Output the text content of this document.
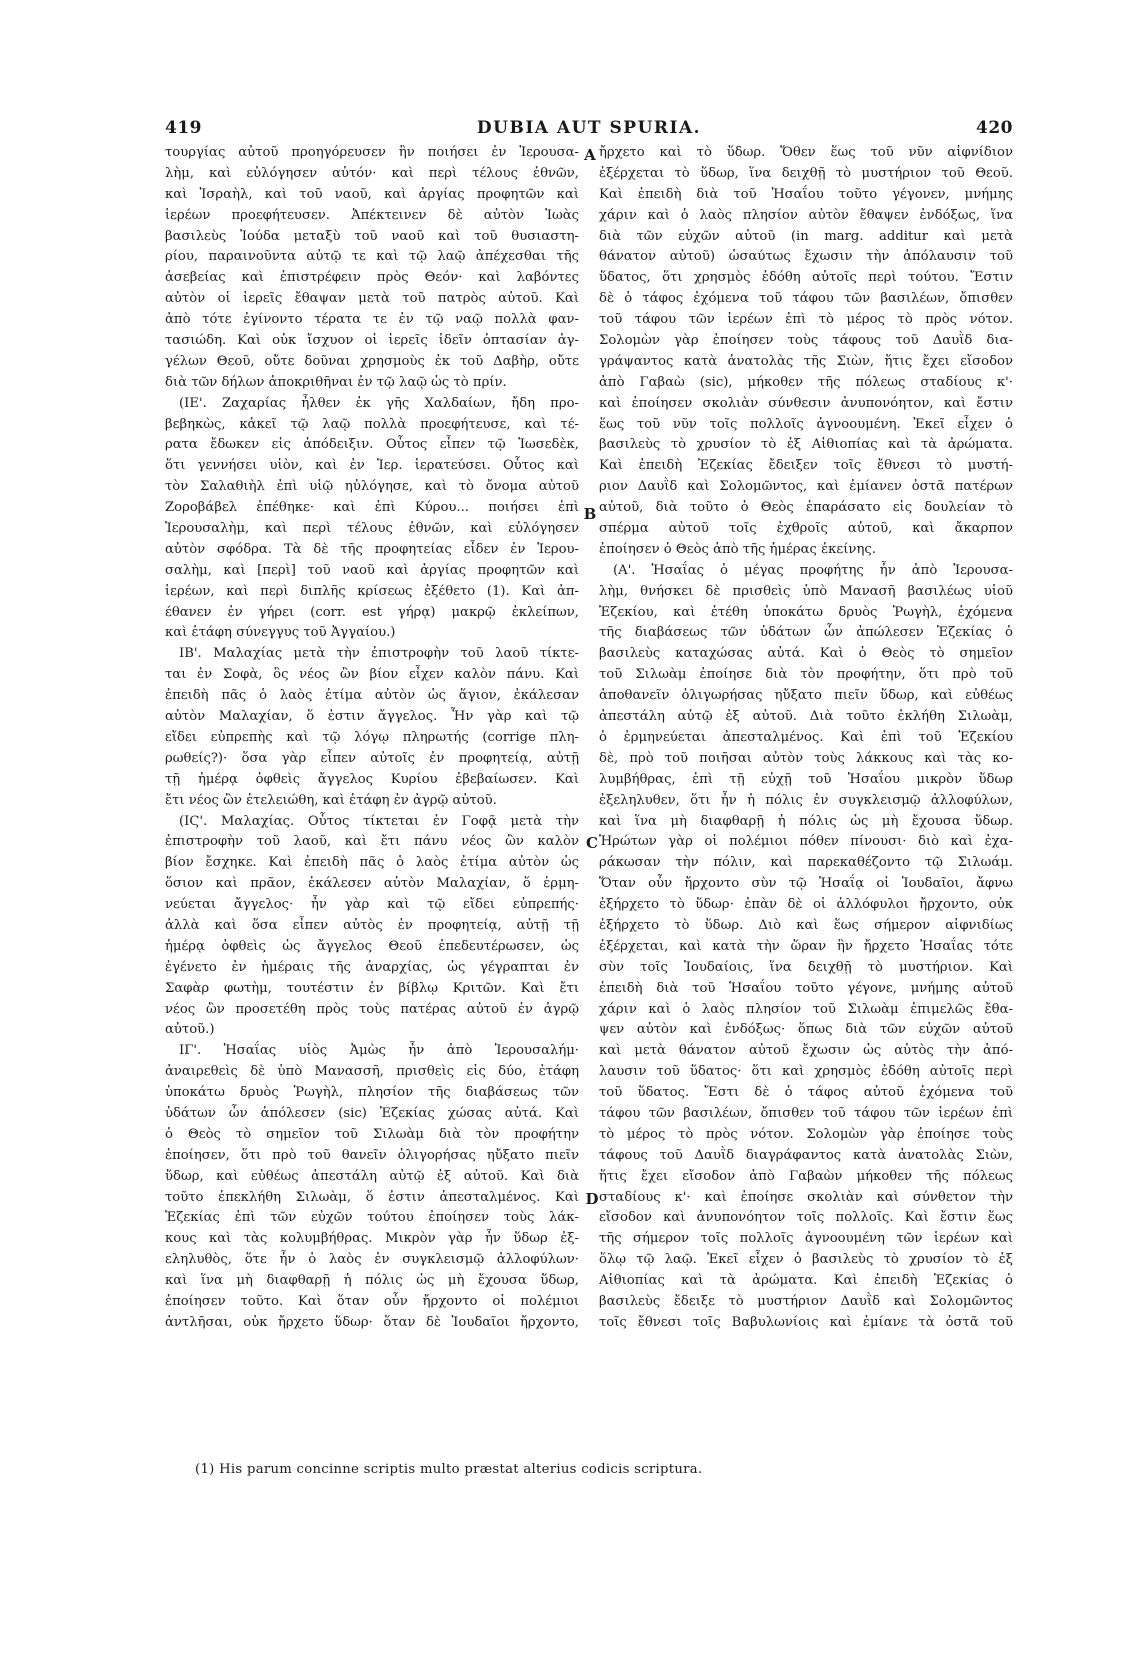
419	DUBIA AUT SPURIA.	420
τουργίας αὐτοῦ προηγόρευσεν ἣν ποιήσει ἐν Ἱερουσα-
λὴμ, καὶ εὐλόγησεν αὐτόν· καὶ περὶ τέλους ἐθνῶν,
καὶ Ἰσραὴλ, καὶ τοῦ ναοῦ, καὶ ἀργίας προφητῶν καὶ
ἱερέων προεφήτευσεν. Ἀπέκτεινεν δὲ αὐτὸν Ἰωὰς
βασιλεὺς Ἰούδα μεταξὺ τοῦ ναοῦ καὶ τοῦ θυσιαστη-
ρίου, παραινοῦντα αὐτῷ τε καὶ τῷ λαῷ ἀπέχεσθαι τῆς
ἀσεβείας καὶ ἐπιστρέφειν πρὸς Θεόν· καὶ λαβόντες
αὐτὸν οἱ ἱερεῖς ἔθαψαν μετὰ τοῦ πατρὸς αὐτοῦ. Καὶ
ἀπὸ τότε ἐγίνοντο τέρατα τε ἐν τῷ ναῷ πολλὰ φαν-
τασιώδη. Καὶ οὐκ ἴσχυον οἱ ἱερεῖς ἰδεῖν ὀπτασίαν ἀγ-
γέλων Θεοῦ, οὔτε δοῦναι χρησμοὺς ἐκ τοῦ Δαβὴρ, οὔτε
διὰ τῶν δήλων ἀποκριθῆναι ἐν τῷ λαῷ ὡς τὸ πρίν.
(ΙΕ'. Ζαχαρίας ἦλθεν ἐκ γῆς Χαλδαίων, ἤδη προ-
βεβηκὼς, κἀκεῖ τῷ λαῷ πολλὰ προεφήτευσε, καὶ τέ-
ρατα ἔδωκεν εἰς ἀπόδειξιν. Οὗτος εἶπεν τῷ Ἰωσεδὲκ,
ὅτι γεννήσει υἱὸν, καὶ ἐν Ἱερ. ἱερατεύσει. Οὗτος καὶ
τὸν Σαλαθιὴλ ἐπὶ υἱῷ ηὐλόγησε, καὶ τὸ ὄνομα αὐτοῦ
Ζοροβάβελ ἐπέθηκε· καὶ ἐπὶ Κύρου... ποιήσει ἐπὶ
Ἱερουσαλὴμ, καὶ περὶ τέλους ἐθνῶν, καὶ εὐλόγησεν
αὐτὸν σφόδρα. Τὰ δὲ τῆς προφητείας εἶδεν ἐν Ἱερου-
σαλὴμ, καὶ [περὶ] τοῦ ναοῦ καὶ ἀργίας προφητῶν καὶ
ἱερέων, καὶ περὶ διπλῆς κρίσεως ἐξέθετο (1). Καὶ ἀπ-
έθανεν ἐν γήρει (corr. est γήρᾳ) μακρῷ ἐκλείπων,
καὶ ἐτάφη σύνεγγυς τοῦ Ἀγγαίου.)
ΙΒ'. Μαλαχίας μετὰ τὴν ἐπιστροφὴν τοῦ λαοῦ τίκτε-
ται ἐν Σοφὰ, ὃς νέος ὢν βίον εἶχεν καλὸν πάνυ. Καὶ
ἐπειδὴ πᾶς ὁ λαὸς ἐτίμα αὐτὸν ὡς ἅγιον, ἐκάλεσαν
αὐτὸν Μαλαχίαν, ὅ ἐστιν ἄγγελος. Ἦν γὰρ καὶ τῷ
εἴδει εὐπρεπὴς καὶ τῷ λόγῳ πληρωτής (corrige πλη-
ρωθείς?)· ὅσα γὰρ εἶπεν αὐτοῖς ἐν προφητείᾳ, αὐτῇ
τῇ ἡμέρᾳ ὀφθεὶς ἄγγελος Κυρίου ἐβεβαίωσεν. Καὶ
ἔτι νέος ὢν ἐτελειώθη, καὶ ἐτάφη ἐν ἀγρῷ αὐτοῦ.
(ΙϚ'. Μαλαχίας. Οὗτος τίκτεται ἐν Γοφᾷ μετὰ τὴν
ἐπιστροφὴν τοῦ λαοῦ, καὶ ἔτι πάνυ νέος ὢν καλὸν
βίον ἔσχηκε. Καὶ ἐπειδὴ πᾶς ὁ λαὸς ἐτίμα αὐτὸν ὡς
ὅσιον καὶ πρᾶον, ἐκάλεσεν αὐτὸν Μαλαχίαν, ὅ ἑρμη-
νεύεται ἄγγελος· ἦν γὰρ καὶ τῷ εἴδει εὐπρεπής·
ἀλλὰ καὶ ὅσα εἶπεν αὐτὸς ἐν προφητείᾳ, αὐτῇ τῇ
ἡμέρᾳ ὀφθεὶς ὡς ἄγγελος Θεοῦ ἐπεδευτέρωσεν, ὡς
ἐγένετο ἐν ἡμέραις τῆς ἀναρχίας, ὡς γέγραπται ἐν
Σαφὰρ φωτὴμ, τουτέστιν ἐν βίβλῳ Κριτῶν. Καὶ ἔτι
νέος ὢν προσετέθη πρὸς τοὺς πατέρας αὐτοῦ ἐν ἀγρῷ
αὐτοῦ.)
ΙΓ'. Ἡσαΐας υἱὸς Ἀμὼς ἦν ἀπὸ Ἱερουσαλήμ·
ἀναιρεθεὶς δὲ ὑπὸ Μανασσῆ, πρισθεὶς εἰς δύο, ἐτάφη
ὑποκάτω δρυὸς Ῥωγὴλ, πλησίον τῆς διαβάσεως τῶν
ὑδάτων ὧν ἀπόλεσεν (sic) Ἐζεκίας χώσας αὐτά. Καὶ
ὁ Θεὸς τὸ σημεῖον τοῦ Σιλωὰμ διὰ τὸν προφήτην
ἐποίησεν, ὅτι πρὸ τοῦ θανεῖν ὀλιγορήσας ηὔξατο πιεῖν
ὕδωρ, καὶ εὐθέως ἀπεστάλη αὐτῷ ἐξ αὐτοῦ. Καὶ διὰ
τοῦτο ἐπεκλήθη Σιλωὰμ, ὅ ἐστιν ἀπεσταλμένος. Καὶ
Ἐζεκίας ἐπὶ τῶν εὐχῶν τούτου ἐποίησεν τοὺς λάκ-
κους καὶ τὰς κολυμβήθρας. Μικρὸν γὰρ ἦν ὕδωρ ἐξ-
εληλυθὸς, ὅτε ἦν ὁ λαὸς ἐν συγκλεισμῷ ἀλλοφύλων·
καὶ ἵνα μὴ διαφθαρῇ ἡ πόλις ὡς μὴ ἔχουσα ὕδωρ,
ἐποίησεν τοῦτο. Καὶ ὅταν οὖν ἤρχοντο οἱ πολέμιοι
ἀντλῆσαι, οὐκ ἤρχετο ὕδωρ· ὅταν δὲ Ἰουδαῖοι ἤρχοντο,
ἤρχετο καὶ τὸ ὕδωρ. Ὅθεν ἕως τοῦ νῦν αἰφνίδιον
ἐξέρχεται τὸ ὕδωρ, ἵνα δειχθῇ τὸ μυστήριον τοῦ Θεοῦ.
Καὶ ἐπειδὴ διὰ τοῦ Ἡσαΐου τοῦτο γέγονεν, μνήμης
χάριν καὶ ὁ λαὸς πλησίον αὐτὸν ἔθαψεν ἐνδόξως, ἵνα
διὰ τῶν εὐχῶν αὐτοῦ (in marg. additur καὶ μετὰ
θάνατον αὐτοῦ) ὡσαύτως ἔχωσιν τὴν ἀπόλαυσιν τοῦ
ὕδατος, ὅτι χρησμὸς ἐδόθη αὐτοῖς περὶ τούτου. Ἔστιν
δὲ ὁ τάφος ἐχόμενα τοῦ τάφου τῶν βασιλέων, ὄπισθεν
τοῦ τάφου τῶν ἱερέων ἐπὶ τὸ μέρος τὸ πρὸς νότον.
Σολομὼν γὰρ ἐποίησεν τοὺς τάφους τοῦ Δαυῒδ δια-
γράψαντος κατὰ ἀνατολὰς τῆς Σιὼν, ἥτις ἔχει εἴσοδον
ἀπὸ Γαβαὼ (sic), μήκοθεν τῆς πόλεως σταδίους κ'·
καὶ ἐποίησεν σκολιὰν σύνθεσιν ἀνυπονόητον, καὶ ἔστιν
ἕως τοῦ νῦν τοῖς πολλοῖς ἀγνοουμένη. Ἐκεῖ εἶχεν ὁ
βασιλεὺς τὸ χρυσίον τὸ ἐξ Αἰθιοπίας καὶ τὰ ἀρώματα.
Καὶ ἐπειδὴ Ἐζεκίας ἔδειξεν τοῖς ἔθνεσι τὸ μυστή-
ριον Δαυῒδ καὶ Σολομῶντος, καὶ ἐμίανεν ὀστᾶ πατέρων
αὐτοῦ, διὰ τοῦτο ὁ Θεὸς ἐπαράσατο εἰς δουλείαν τὸ
σπέρμα αὐτοῦ τοῖς ἐχθροῖς αὐτοῦ, καὶ ἄκαρπον
ἐποίησεν ὁ Θεὸς ἀπὸ τῆς ἡμέρας ἐκείνης.
(Α'. Ἡσαΐας ὁ μέγας προφήτης ἦν ἀπὸ Ἱερουσα-
λὴμ, θνήσκει δὲ πρισθεὶς ὑπὸ Μανασῆ βασιλέως υἱοῦ
Ἐζεκίου, καὶ ἐτέθη ὑποκάτω δρυὸς Ῥωγὴλ, ἐχόμενα
τῆς διαβάσεως τῶν ὑδάτων ὧν ἀπώλεσεν Ἐζεκίας ὁ
βασιλεὺς καταχώσας αὐτά. Καὶ ὁ Θεὸς τὸ σημεῖον
τοῦ Σιλωὰμ ἐποίησε διὰ τὸν προφήτην, ὅτι πρὸ τοῦ
ἀποθανεῖν ὀλιγωρήσας ηὔξατο πιεῖν ὕδωρ, καὶ εὐθέως
ἀπεστάλη αὐτῷ ἐξ αὐτοῦ. Διὰ τοῦτο ἐκλήθη Σιλωὰμ,
ὁ ἑρμηνεύεται ἀπεσταλμένος. Καὶ ἐπὶ τοῦ Ἐζεκίου
δὲ, πρὸ τοῦ ποιῆσαι αὐτὸν τοὺς λάκκους καὶ τὰς κο-
λυμβήθρας, ἐπὶ τῇ εὐχῇ τοῦ Ἡσαΐου μικρὸν ὕδωρ
ἐξεληλυθεν, ὅτι ἦν ἡ πόλις ἐν συγκλεισμῷ ἀλλοφύλων,
καὶ ἵνα μὴ διαφθαρῇ ἡ πόλις ὡς μὴ ἔχουσα ὕδωρ.
Ἠρώτων γὰρ οἱ πολέμιοι πόθεν πίνουσι· διὸ καὶ ἐχα-
ράκωσαν τὴν πόλιν, καὶ παρεκαθέζοντο τῷ Σιλωάμ.
Ὅταν οὖν ἤρχοντο σὺν τῷ Ἡσαΐᾳ οἱ Ἰουδαῖοι, ἄφνω
ἐξήρχετο τὸ ὕδωρ· ἐπὰν δὲ οἱ ἀλλόφυλοι ἤρχοντο, οὐκ
ἐξήρχετο τὸ ὕδωρ. Διὸ καὶ ἕως σήμερον αἰφνιδίως
ἐξέρχεται, καὶ κατὰ τὴν ὥραν ἣν ἤρχετο Ἡσαΐας τότε
σὺν τοῖς Ἰουδαίοις, ἵνα δειχθῇ τὸ μυστήριον. Καὶ
ἐπειδὴ διὰ τοῦ Ἡσαΐου τοῦτο γέγονε, μνήμης αὐτοῦ
χάριν καὶ ὁ λαὸς πλησίον τοῦ Σιλωὰμ ἐπιμελῶς ἔθα-
ψεν αὐτὸν καὶ ἐνδόξως· ὅπως διὰ τῶν εὐχῶν αὐτοῦ
καὶ μετὰ θάνατον αὐτοῦ ἔχωσιν ὡς αὐτὸς τὴν ἀπό-
λαυσιν τοῦ ὕδατος· ὅτι καὶ χρησμὸς ἐδόθη αὐτοῖς περὶ
τοῦ ὕδατος. Ἔστι δὲ ὁ τάφος αὐτοῦ ἐχόμενα τοῦ
τάφου τῶν βασιλέων, ὄπισθεν τοῦ τάφου τῶν ἱερέων ἐπὶ
τὸ μέρος τὸ πρὸς νότον. Σολομὼν γὰρ ἐποίησε τοὺς
τάφους τοῦ Δαυῒδ διαγράφαντος κατὰ ἀνατολὰς Σιὼν,
ἥτις ἔχει εἴσοδον ἀπὸ Γαβαὼν μήκοθεν τῆς πόλεως
σταδίους κ'· καὶ ἐποίησε σκολιὰν καὶ σύνθετον τὴν
εἴσοδον καὶ ἀνυπονόητον τοῖς πολλοῖς. Καὶ ἔστιν ἕως
τῆς σήμερον τοῖς πολλοῖς ἀγνοουμένη τῶν ἱερέων καὶ
ὅλῳ τῷ λαῷ. Ἐκεῖ εἶχεν ὁ βασιλεὺς τὸ χρυσίον τὸ ἐξ
Αἰθιοπίας καὶ τὰ ἀρώματα. Καὶ ἐπειδὴ Ἐζεκίας ὁ
βασιλεὺς ἔδειξε τὸ μυστήριον Δαυῒδ καὶ Σολομῶντος
τοῖς ἔθνεσι τοῖς Βαβυλωνίοις καὶ ἐμίανε τὰ ὀστᾶ τοῦ
A
B
C
D
(1) His parum concinne scriptis multo præstat alterius codicis scriptura.
